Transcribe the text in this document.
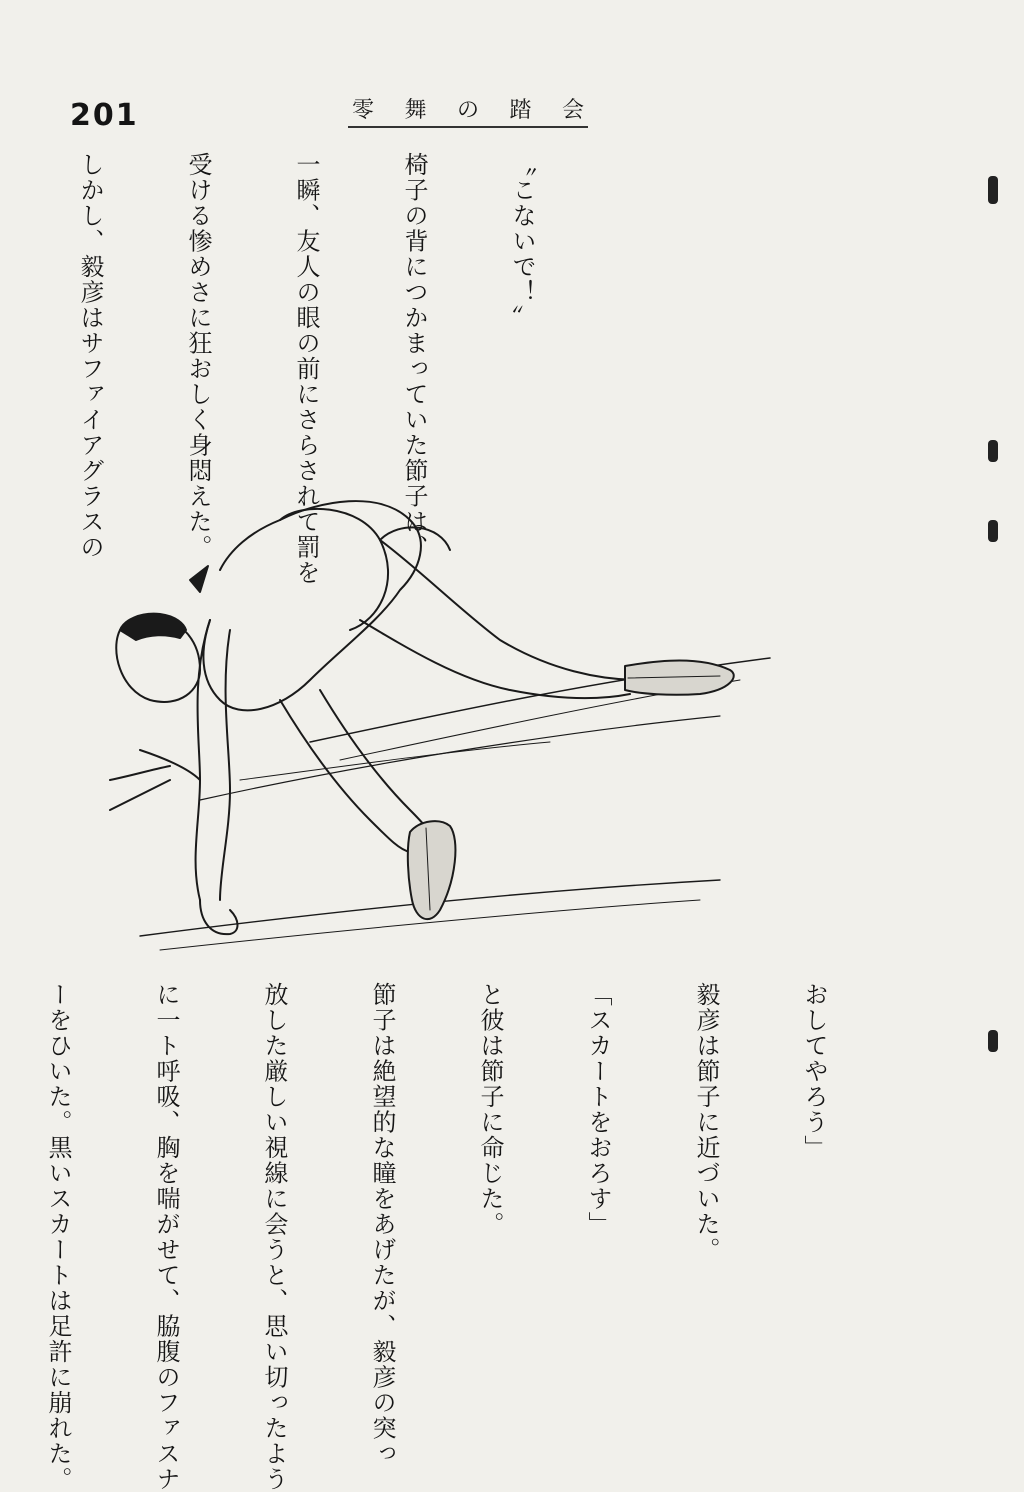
201	零 舞 の 踏 会

〝こないで！〟

椅子の背につかまっていた節子は、

一瞬、友人の眼の前にさらされて罰を

受ける惨めさに狂おしく身悶えた。

しかし、毅彦はサファイアグラスの

おしてやろう」

毅彦は節子に近づいた。

「スカートをおろす」

と彼は節子に命じた。

節子は絶望的な瞳をあげたが、毅彦の突っ

放した厳しい視線に会うと、思い切ったよう

に一ト呼吸、胸を喘がせて、脇腹のファスナ

ーをひいた。黒いスカートは足許に崩れた。
